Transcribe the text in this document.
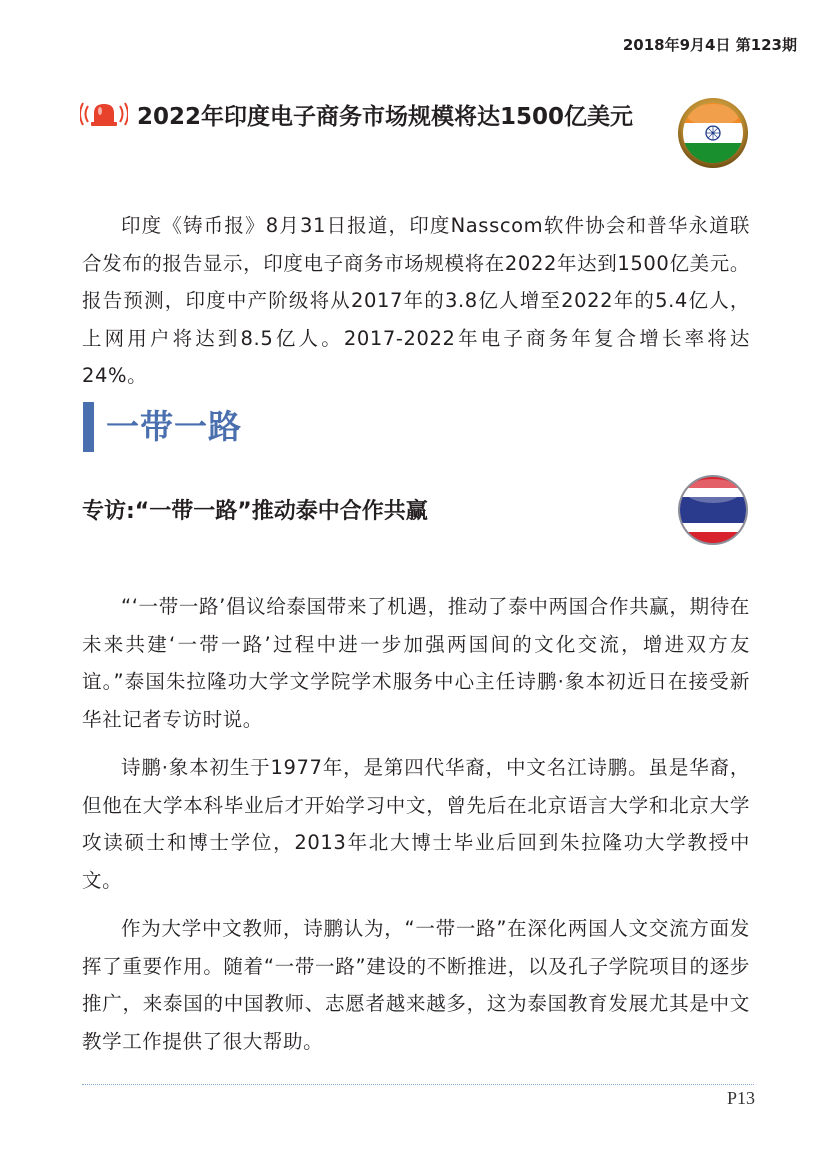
2018年9月4日 第123期
2022年印度电子商务市场规模将达1500亿美元

印度《铸币报》8月31日报道，印度Nasscom软件协会和普华永道联合发布的报告显示，印度电子商务市场规模将在2022年达到1500亿美元。报告预测，印度中产阶级将从2017年的3.8亿人增至2022年的5.4亿人，上网用户将达到8.5亿人。2017-2022年电子商务年复合增长率将达24%。

一带一路
专访:“一带一路”推动泰中合作共赢

“‘一带一路’倡议给泰国带来了机遇，推动了泰中两国合作共赢，期待在未来共建‘一带一路’过程中进一步加强两国间的文化交流，增进双方友谊。”泰国朱拉隆功大学文学院学术服务中心主任诗鹏·象本初近日在接受新华社记者专访时说。

诗鹏·象本初生于1977年，是第四代华裔，中文名江诗鹏。虽是华裔，但他在大学本科毕业后才开始学习中文，曾先后在北京语言大学和北京大学攻读硕士和博士学位，2013年北大博士毕业后回到朱拉隆功大学教授中文。

作为大学中文教师，诗鹏认为，“一带一路”在深化两国人文交流方面发挥了重要作用。随着“一带一路”建设的不断推进，以及孔子学院项目的逐步推广，来泰国的中国教师、志愿者越来越多，这为泰国教育发展尤其是中文教学工作提供了很大帮助。

P13
